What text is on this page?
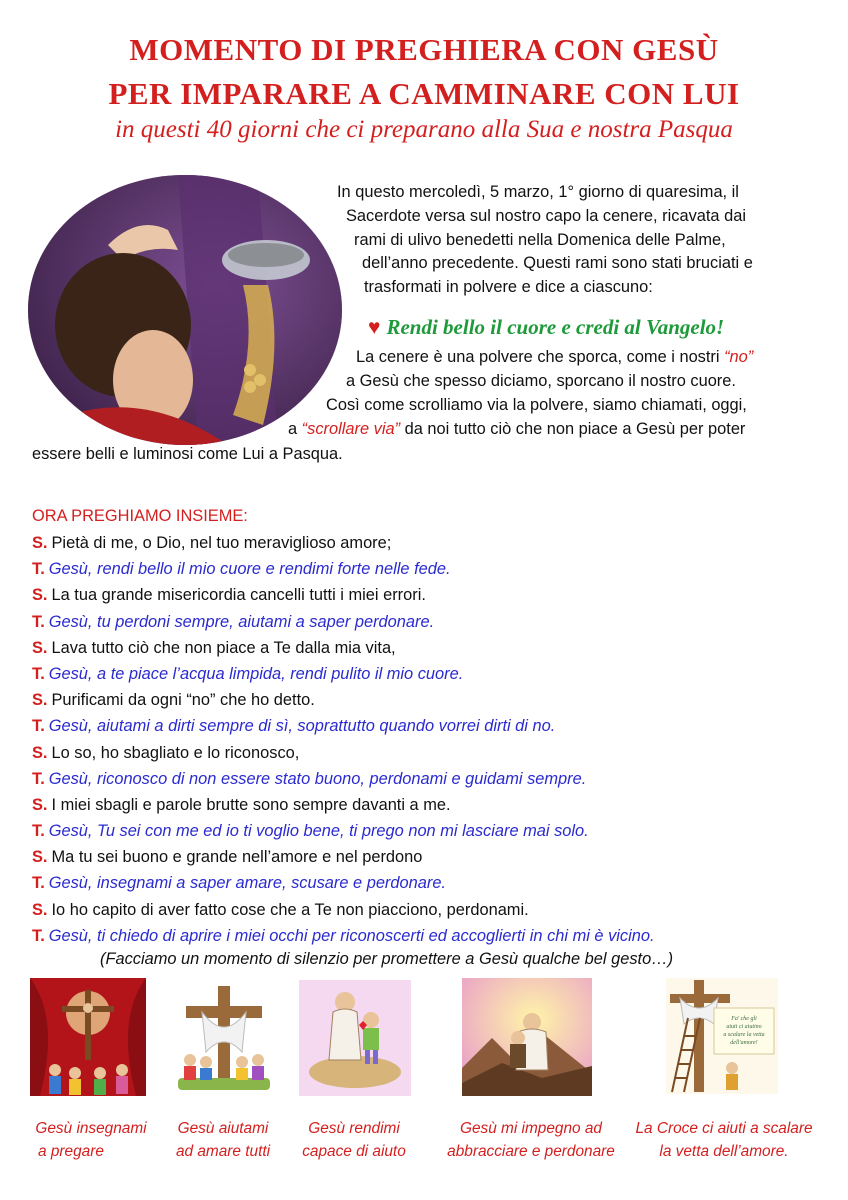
MOMENTO DI PREGHIERA CON GESÙ
PER IMPARARE A CAMMINARE CON LUI
in questi 40 giorni che ci preparano alla Sua e nostra Pasqua
In questo mercoledì, 5 marzo, 1° giorno di quaresima, il
Sacerdote versa sul nostro capo la cenere, ricavata dai
rami di ulivo benedetti nella Domenica delle Palme,
dell’anno precedente. Questi rami sono stati bruciati e
trasformati in polvere e dice a ciascuno:
♥ Rendi bello il cuore e credi al Vangelo!
La cenere è una polvere che sporca, come i nostri “no”
a Gesù che spesso diciamo, sporcano il nostro cuore.
Così come scrolliamo via la polvere, siamo chiamati, oggi,
a “scrollare via” da noi tutto ciò che non piace a Gesù per poter
essere belli e luminosi come Lui a Pasqua.
ORA PREGHIAMO INSIEME:
S. Pietà di me, o Dio, nel tuo meraviglioso amore;
T. Gesù, rendi bello il mio cuore e rendimi forte nelle fede.
S. La tua grande misericordia cancelli tutti i miei errori.
T. Gesù, tu perdoni sempre, aiutami a saper perdonare.
S. Lava tutto ciò che non piace a Te dalla mia vita,
T. Gesù, a te piace l’acqua limpida, rendi pulito il mio cuore.
S. Purificami da ogni “no” che ho detto.
T. Gesù, aiutami a dirti sempre di sì, soprattutto quando vorrei dirti di no.
S. Lo so, ho sbagliato e lo riconosco,
T. Gesù, riconosco di non essere stato buono, perdonami e guidami sempre.
S. I miei sbagli e parole brutte sono sempre davanti a me.
T. Gesù, Tu sei con me ed io ti voglio bene, ti prego non mi lasciare mai solo.
S. Ma tu sei buono e grande nell’amore e nel perdono
T. Gesù, insegnami a saper amare, scusare e perdonare.
S. Io ho capito di aver fatto cose che a Te non piacciono, perdonami.
T. Gesù, ti chiedo di aprire i miei occhi per riconoscerti ed accoglierti in chi mi è vicino.
(Facciamo un momento di silenzio per promettere a Gesù qualche bel gesto…)
Fa' che gli
aiuti ci aiutino
a scalare la vetta
dell'amore!
Gesù insegnami
a pregare
Gesù aiutami
ad amare tutti
Gesù rendimi
capace di aiuto
Gesù mi impegno ad
abbracciare e perdonare
La Croce ci aiuti a scalare
la vetta dell’amore.
